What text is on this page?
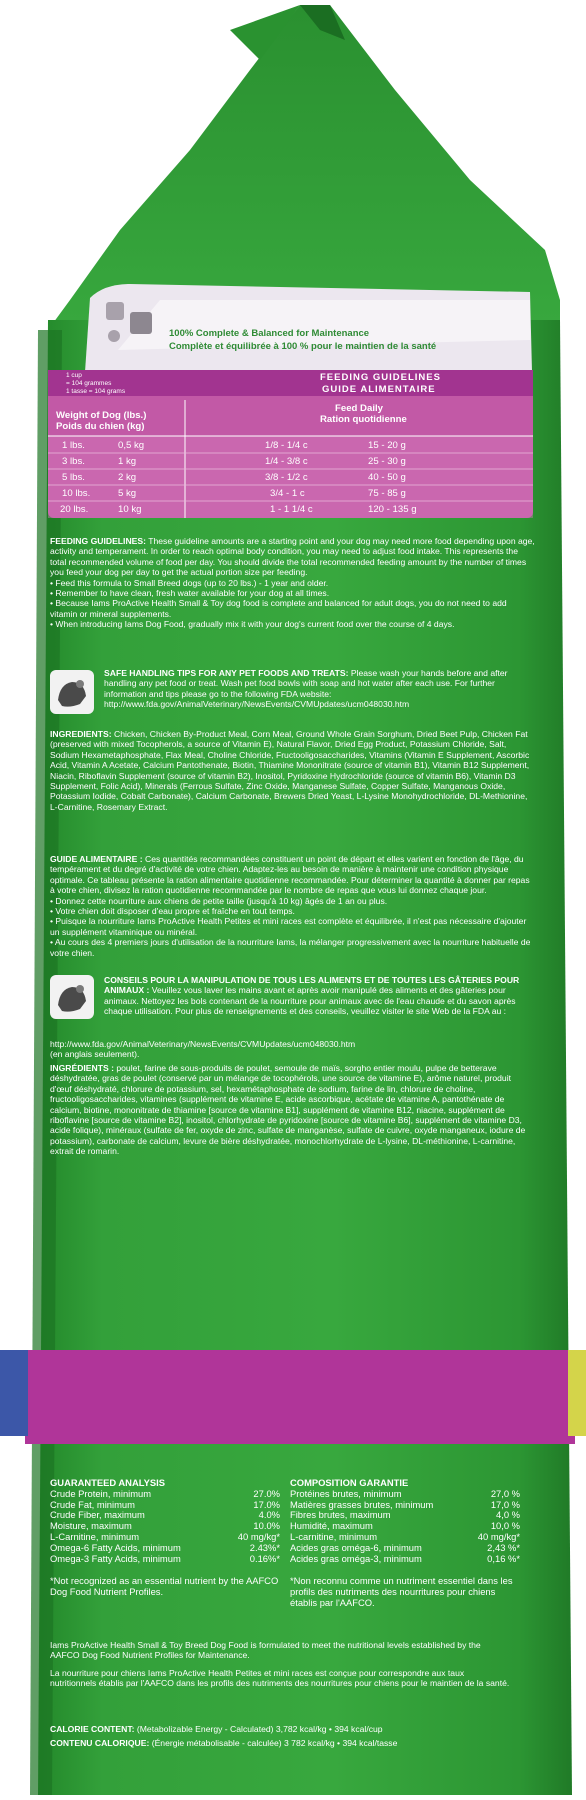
100% Complete & Balanced for Maintenance
Complète et équilibrée à 100 % pour le maintien de la santé
1 cup
= 104 grammes
1 tasse = 104 grams
FEEDING GUIDELINES
GUIDE ALIMENTAIRE
Weight of Dog (lbs.)
Poids du chien (kg)
Feed Daily
Ration quotidienne
1 lbs.	0,5 kg	1/8 - 1/4 c	15 - 20 g
3 lbs.	1 kg	1/4 - 3/8 c	25 - 30 g
5 lbs.	2 kg	3/8 - 1/2 c	40 - 50 g
10 lbs.	5 kg	3/4 - 1 c	75 - 85 g
20 lbs.	10 kg	1 - 1 1/4 c	120 - 135 g
FEEDING GUIDELINES: These guideline amounts are a starting point and your dog may need more food depending upon age, activity and temperament. In order to reach optimal body condition, you may need to adjust food intake. This represents the total recommended volume of food per day. You should divide the total recommended feeding amount by the number of times you feed your dog per day to get the actual portion size per feeding.
• Feed this formula to Small Breed dogs (up to 20 lbs.) - 1 year and older.
• Remember to have clean, fresh water available for your dog at all times.
• Because Iams ProActive Health Small & Toy dog food is complete and balanced for adult dogs, you do not need to add vitamin or mineral supplements.
• When introducing Iams Dog Food, gradually mix it with your dog's current food over the course of 4 days.
SAFE HANDLING TIPS FOR ANY PET FOODS AND TREATS: Please wash your hands before and after handling any pet food or treat. Wash pet food bowls with soap and hot water after each use. For further information and tips please go to the following FDA website:
http://www.fda.gov/AnimalVeterinary/NewsEvents/CVMUpdates/ucm048030.htm
INGREDIENTS: Chicken, Chicken By-Product Meal, Corn Meal, Ground Whole Grain Sorghum, Dried Beet Pulp, Chicken Fat (preserved with mixed Tocopherols, a source of Vitamin E), Natural Flavor, Dried Egg Product, Potassium Chloride, Salt, Sodium Hexametaphosphate, Flax Meal, Choline Chloride, Fructooligosaccharides, Vitamins (Vitamin E Supplement, Ascorbic Acid, Vitamin A Acetate, Calcium Pantothenate, Biotin, Thiamine Mononitrate (source of vitamin B1), Vitamin B12 Supplement, Niacin, Riboflavin Supplement (source of vitamin B2), Inositol, Pyridoxine Hydrochloride (source of vitamin B6), Vitamin D3 Supplement, Folic Acid), Minerals (Ferrous Sulfate, Zinc Oxide, Manganese Sulfate, Copper Sulfate, Manganous Oxide, Potassium Iodide, Cobalt Carbonate), Calcium Carbonate, Brewers Dried Yeast, L-Lysine Monohydrochloride, DL-Methionine, L-Carnitine, Rosemary Extract.
GUIDE ALIMENTAIRE : Ces quantités recommandées constituent un point de départ et elles varient en fonction de l'âge, du tempérament et du degré d'activité de votre chien. Adaptez-les au besoin de manière à maintenir une condition physique optimale. Ce tableau présente la ration alimentaire quotidienne recommandée. Pour déterminer la quantité à donner par repas à votre chien, divisez la ration quotidienne recommandée par le nombre de repas que vous lui donnez chaque jour.
• Donnez cette nourriture aux chiens de petite taille (jusqu'à 10 kg) âgés de 1 an ou plus.
• Votre chien doit disposer d'eau propre et fraîche en tout temps.
• Puisque la nourriture Iams ProActive Health Petites et mini races est complète et équilibrée, il n'est pas nécessaire d'ajouter un supplément vitaminique ou minéral.
• Au cours des 4 premiers jours d'utilisation de la nourriture Iams, la mélanger progressivement avec la nourriture habituelle de votre chien.
CONSEILS POUR LA MANIPULATION DE TOUS LES ALIMENTS ET DE TOUTES LES GÂTERIES POUR ANIMAUX : Veuillez vous laver les mains avant et après avoir manipulé des aliments et des gâteries pour animaux. Nettoyez les bols contenant de la nourriture pour animaux avec de l'eau chaude et du savon après chaque utilisation. Pour plus de renseignements et des conseils, veuillez visiter le site Web de la FDA au :
http://www.fda.gov/AnimalVeterinary/NewsEvents/CVMUpdates/ucm048030.htm
(en anglais seulement).
INGRÉDIENTS : poulet, farine de sous-produits de poulet, semoule de maïs, sorgho entier moulu, pulpe de betterave déshydratée, gras de poulet (conservé par un mélange de tocophérols, une source de vitamine E), arôme naturel, produit d'œuf déshydraté, chlorure de potassium, sel, hexamétaphosphate de sodium, farine de lin, chlorure de choline, fructooligosaccharides, vitamines (supplément de vitamine E, acide ascorbique, acétate de vitamine A, pantothénate de calcium, biotine, mononitrate de thiamine [source de vitamine B1], supplément de vitamine B12, niacine, supplément de riboflavine [source de vitamine B2], inositol, chlorhydrate de pyridoxine [source de vitamine B6], supplément de vitamine D3, acide folique), minéraux (sulfate de fer, oxyde de zinc, sulfate de manganèse, sulfate de cuivre, oxyde manganeux, iodure de potassium), carbonate de calcium, levure de bière déshydratée, monochlorhydrate de L-lysine, DL-méthionine, L-carnitine, extrait de romarin.
GUARANTEED ANALYSIS
Crude Protein, minimum	27.0%
Crude Fat, minimum	17.0%
Crude Fiber, maximum	4.0%
Moisture, maximum	10.0%
L-Carnitine, minimum	40 mg/kg*
Omega-6 Fatty Acids, minimum	2.43%*
Omega-3 Fatty Acids, minimum	0.16%*
*Not recognized as an essential nutrient by the AAFCO Dog Food Nutrient Profiles.
COMPOSITION GARANTIE
Protéines brutes, minimum	27,0 %
Matières grasses brutes, minimum	17,0 %
Fibres brutes, maximum	4,0 %
Humidité, maximum	10,0 %
L-carnitine, minimum	40 mg/kg*
Acides gras oméga-6, minimum	2,43 %*
Acides gras oméga-3, minimum	0,16 %*
*Non reconnu comme un nutriment essentiel dans les profils des nutriments des nourritures pour chiens établis par l'AAFCO.
Iams ProActive Health Small & Toy Breed Dog Food is formulated to meet the nutritional levels established by the AAFCO Dog Food Nutrient Profiles for Maintenance.
La nourriture pour chiens Iams ProActive Health Petites et mini races est conçue pour correspondre aux taux nutritionnels établis par l'AAFCO dans les profils des nutriments des nourritures pour chiens pour le maintien de la santé.
CALORIE CONTENT: (Metabolizable Energy - Calculated) 3,782 kcal/kg • 394 kcal/cup
CONTENU CALORIQUE: (Énergie métabolisable - calculée) 3 782 kcal/kg • 394 kcal/tasse
